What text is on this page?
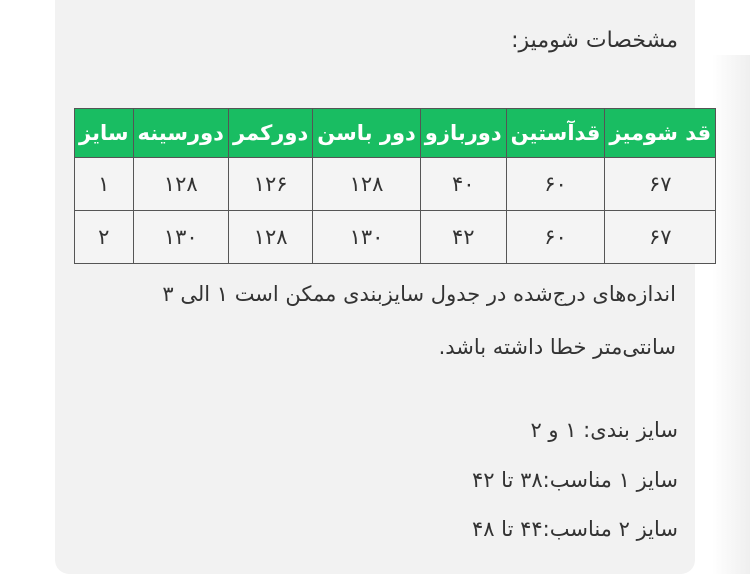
مشخصات شومیز:

قد شومیز	قدآستین	دوربازو	دور باسن	دورکمر	دورسینه	سایز
۶۷	۶۰	۴۰	۱۲۸	۱۲۶	۱۲۸	۱
۶۷	۶۰	۴۲	۱۳۰	۱۲۸	۱۳۰	۲

اندازه‌های درج‌شده در جدول سایزبندی ممکن است ۱ الی ۳ سانتی‌متر خطا داشته باشد.

سایز بندی: ۱ و ۲

سایز ۱ مناسب:۳۸ تا ۴۲

سایز ۲ مناسب:۴۴ تا ۴۸
